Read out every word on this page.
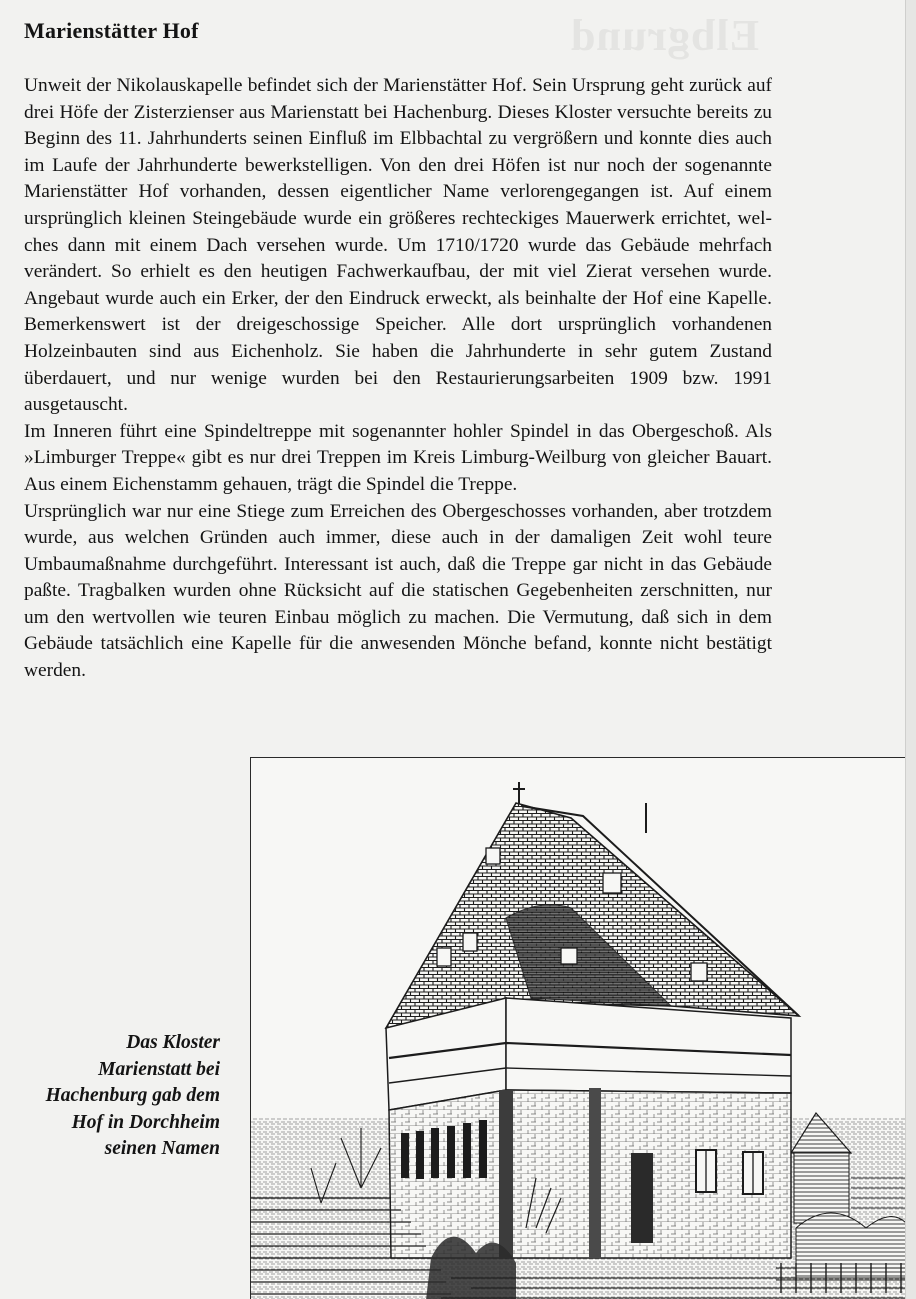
Elbgrund
Marienstätter Hof

Unweit der Nikolauskapelle befindet sich der Marienstätter Hof. Sein Ursprung geht zurück auf drei Höfe der Zisterzienser aus Marienstatt bei Hachenburg. Dieses Kloster versuchte bereits zu Beginn des 11. Jahrhunderts seinen Einfluß im Elbbachtal zu vergrößern und konnte dies auch im Laufe der Jahrhunderte bewerkstelligen. Von den drei Höfen ist nur noch der sogenannte Marienstätter Hof vorhanden, dessen eigentlicher Name verlorengegangen ist. Auf einem ursprünglich kleinen Steingebäude wurde ein größeres rechteckiges Mauerwerk errichtet, welches dann mit einem Dach versehen wurde. Um 1710/1720 wurde das Gebäude mehrfach verändert. So erhielt es den heutigen Fachwerkaufbau, der mit viel Zierat versehen wurde. Angebaut wurde auch ein Erker, der den Eindruck erweckt, als beinhalte der Hof eine Kapelle. Bemerkenswert ist der dreigeschossige Speicher. Alle dort ursprünglich vorhandenen Holzeinbauten sind aus Eichenholz. Sie haben die Jahrhunderte in sehr gutem Zustand überdauert, und nur wenige wurden bei den Restaurierungsarbeiten 1909 bzw. 1991 ausgetauscht.

Im Inneren führt eine Spindeltreppe mit sogenannter hohler Spindel in das Obergeschoß. Als »Limburger Treppe« gibt es nur drei Treppen im Kreis Limburg-Weilburg von gleicher Bauart. Aus einem Eichenstamm gehauen, trägt die Spindel die Treppe.

Ursprünglich war nur eine Stiege zum Erreichen des Obergeschosses vorhanden, aber trotzdem wurde, aus welchen Gründen auch immer, diese auch in der damaligen Zeit wohl teure Umbaumaßnahme durchgeführt. Interessant ist auch, daß die Treppe gar nicht in das Gebäude paßte. Tragbalken wurden ohne Rücksicht auf die statischen Gegebenheiten zerschnitten, nur um den wertvollen wie teuren Einbau möglich zu machen. Die Vermutung, daß sich in dem Gebäude tatsächlich eine Kapelle für die anwesenden Mönche befand, konnte nicht bestätigt werden.

Das Kloster
Marienstatt bei
Hachenburg gab dem
Hof in Dorchheim
seinen Namen
